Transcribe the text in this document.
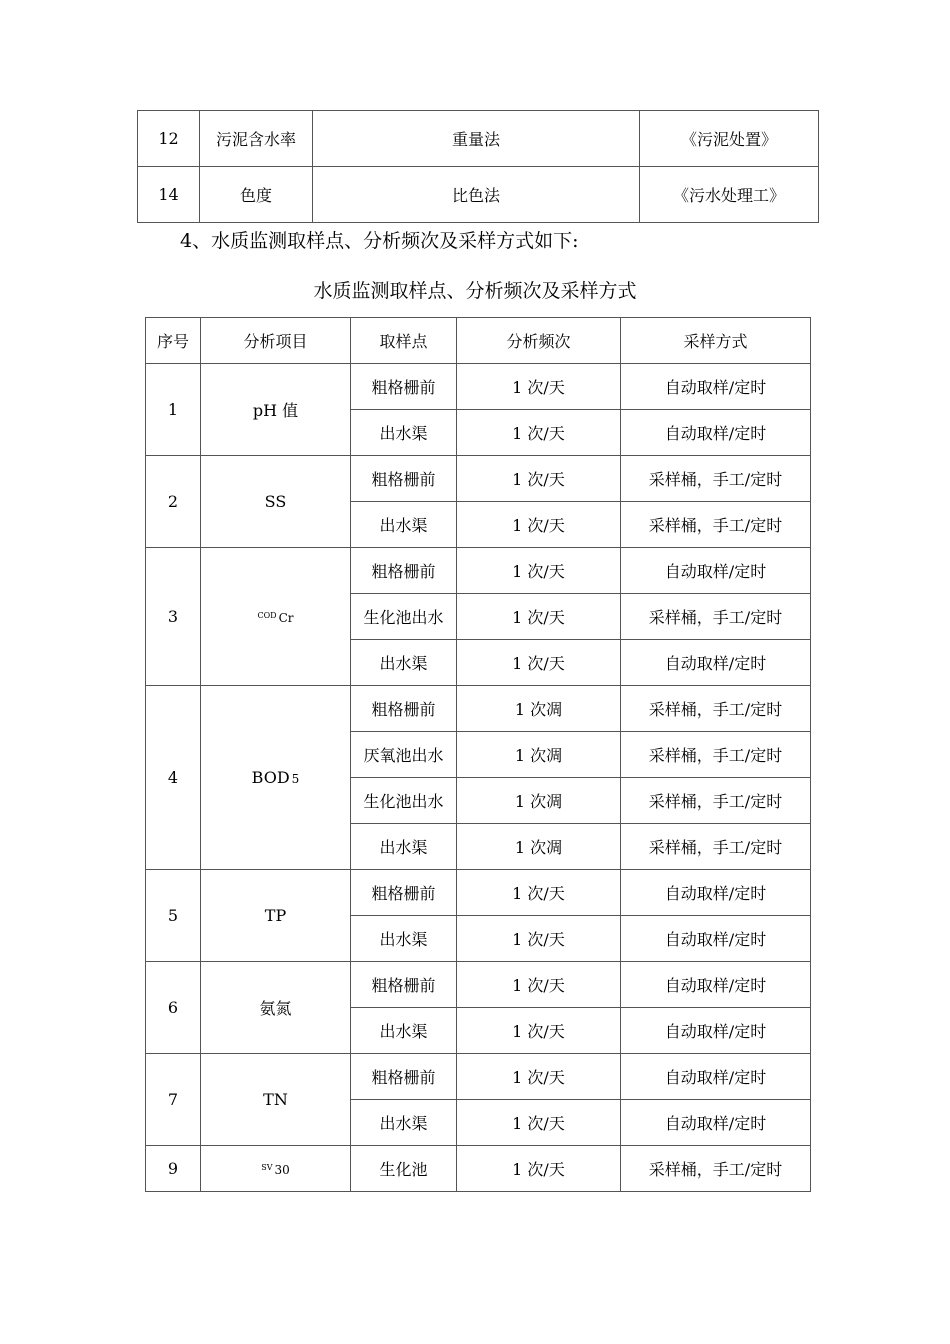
12	污泥含水率	重量法	《污泥处置》
14	色度	比色法	《污水处理工》

4、水质监测取样点、分析频次及采样方式如下:

水质监测取样点、分析频次及采样方式

序号	分析项目	取样点	分析频次	采样方式
1	pH 值	粗格栅前	1 次/天	自动取样/定时
		出水渠	1 次/天	自动取样/定时
2	SS	粗格栅前	1 次/天	采样桶，手工/定时
		出水渠	1 次/天	采样桶，手工/定时
3	$^{COD}$ Cr	粗格栅前	1 次/天	自动取样/定时
		生化池出水	1 次/天	采样桶，手工/定时
		出水渠	1 次/天	自动取样/定时
4	BOD 5	粗格栅前	1 次凋	采样桶，手工/定时
		厌氧池出水	1 次凋	采样桶，手工/定时
		生化池出水	1 次凋	采样桶，手工/定时
		出水渠	1 次凋	采样桶，手工/定时
5	TP	粗格栅前	1 次/天	自动取样/定时
		出水渠	1 次/天	自动取样/定时
6	氨氮	粗格栅前	1 次/天	自动取样/定时
		出水渠	1 次/天	自动取样/定时
7	TN	粗格栅前	1 次/天	自动取样/定时
		出水渠	1 次/天	自动取样/定时
9	$^{SV}$ 30	生化池	1 次/天	采样桶，手工/定时
